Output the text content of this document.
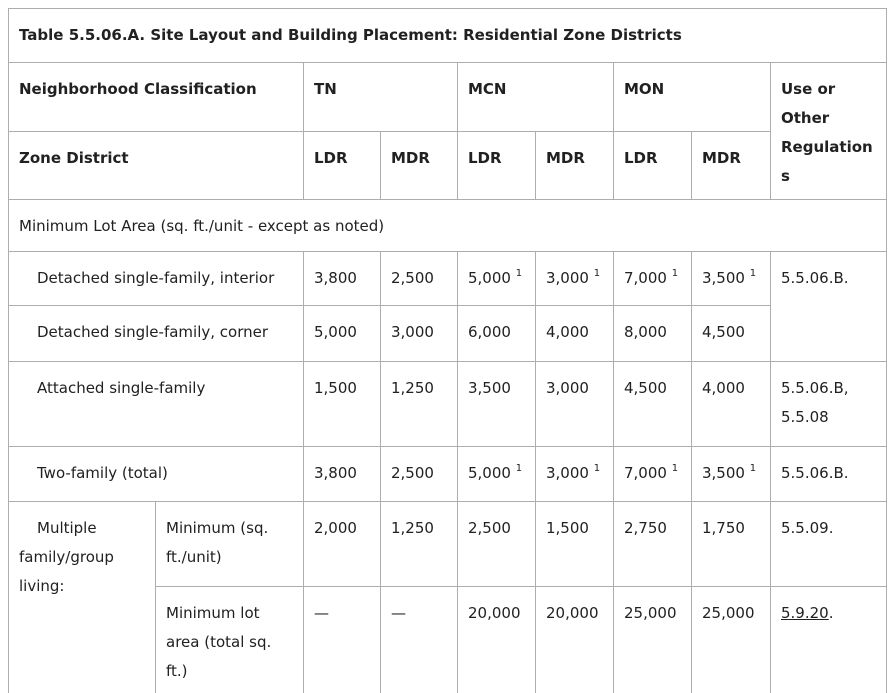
Table 5.5.06.A. Site Layout and Building Placement: Residential Zone Districts								
Neighborhood Classification		TN		MCN		MON		Use or Other Regulations
Zone District		LDR	MDR	LDR	MDR	LDR	MDR	
Minimum Lot Area (sq. ft./unit - except as noted)								
Detached single-family, interior		3,800	2,500	5,000 $^1$	3,000 $^1$	7,000 $^1$	3,500 $^1$	5.5.06.B.
Detached single-family, corner		5,000	3,000	6,000	4,000	8,000	4,500	
Attached single-family		1,500	1,250	3,500	3,000	4,500	4,000	5.5.06.B, 5.5.08
Two-family (total)		3,800	2,500	5,000 $^1$	3,000 $^1$	7,000 $^1$	3,500 $^1$	5.5.06.B.
Multiple family/group living:	Minimum (sq. ft./unit)	2,000	1,250	2,500	1,500	2,750	1,750	5.5.09.
	Minimum lot area (total sq. ft.)	—	—	20,000	20,000	25,000	25,000	5.9.20.
